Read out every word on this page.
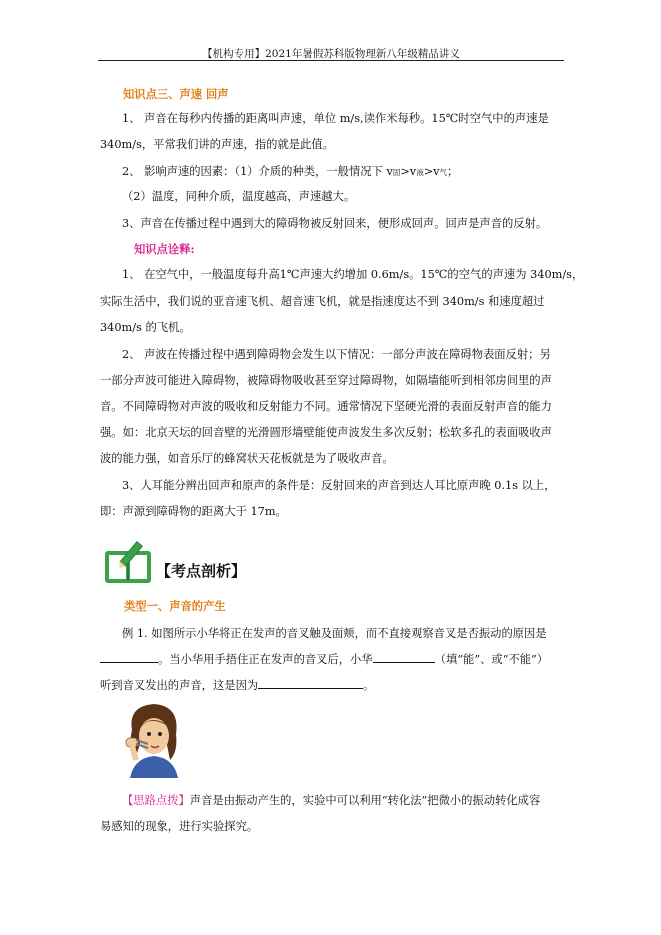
【机构专用】2021年暑假苏科版物理新八年级精品讲义
知识点三、声速 回声
1、 声音在每秒内传播的距离叫声速，单位 m/s,读作米每秒。15℃时空气中的声速是
340m/s，平常我们讲的声速，指的就是此值。
2、 影响声速的因素：（1）介质的种类，一般情况下 v固>v液>v气；
（2）温度，同种介质，温度越高，声速越大。
3、声音在传播过程中遇到大的障碍物被反射回来，便形成回声。回声是声音的反射。
知识点诠释:
1、 在空气中，一般温度每升高1℃声速大约增加 0.6m/s。15℃的空气的声速为 340m/s，
实际生活中，我们说的亚音速飞机、超音速飞机，就是指速度达不到 340m/s 和速度超过
340m/s 的飞机。
2、 声波在传播过程中遇到障碍物会发生以下情况：一部分声波在障碍物表面反射；另
一部分声波可能进入障碍物，被障碍物吸收甚至穿过障碍物，如隔墙能听到相邻房间里的声
音。不同障碍物对声波的吸收和反射能力不同。通常情况下坚硬光滑的表面反射声音的能力
强。如：北京天坛的回音壁的光滑圆形墙壁能使声波发生多次反射；松软多孔的表面吸收声
波的能力强，如音乐厅的蜂窝状天花板就是为了吸收声音。
3、人耳能分辨出回声和原声的条件是：反射回来的声音到达人耳比原声晚 0.1s 以上，
即：声源到障碍物的距离大于 17m。
【考点剖析】
类型一、声音的产生
例 1. 如图所示小华将正在发声的音叉触及面颊，而不直接观察音叉是否振动的原因是
。当小华用手捂住正在发声的音叉后，小华	（填“能”、或“不能”）
听到音叉发出的声音，这是因为	。
【思路点拨】声音是由振动产生的，实验中可以利用“转化法”把微小的振动转化成容
易感知的现象，进行实验探究。
